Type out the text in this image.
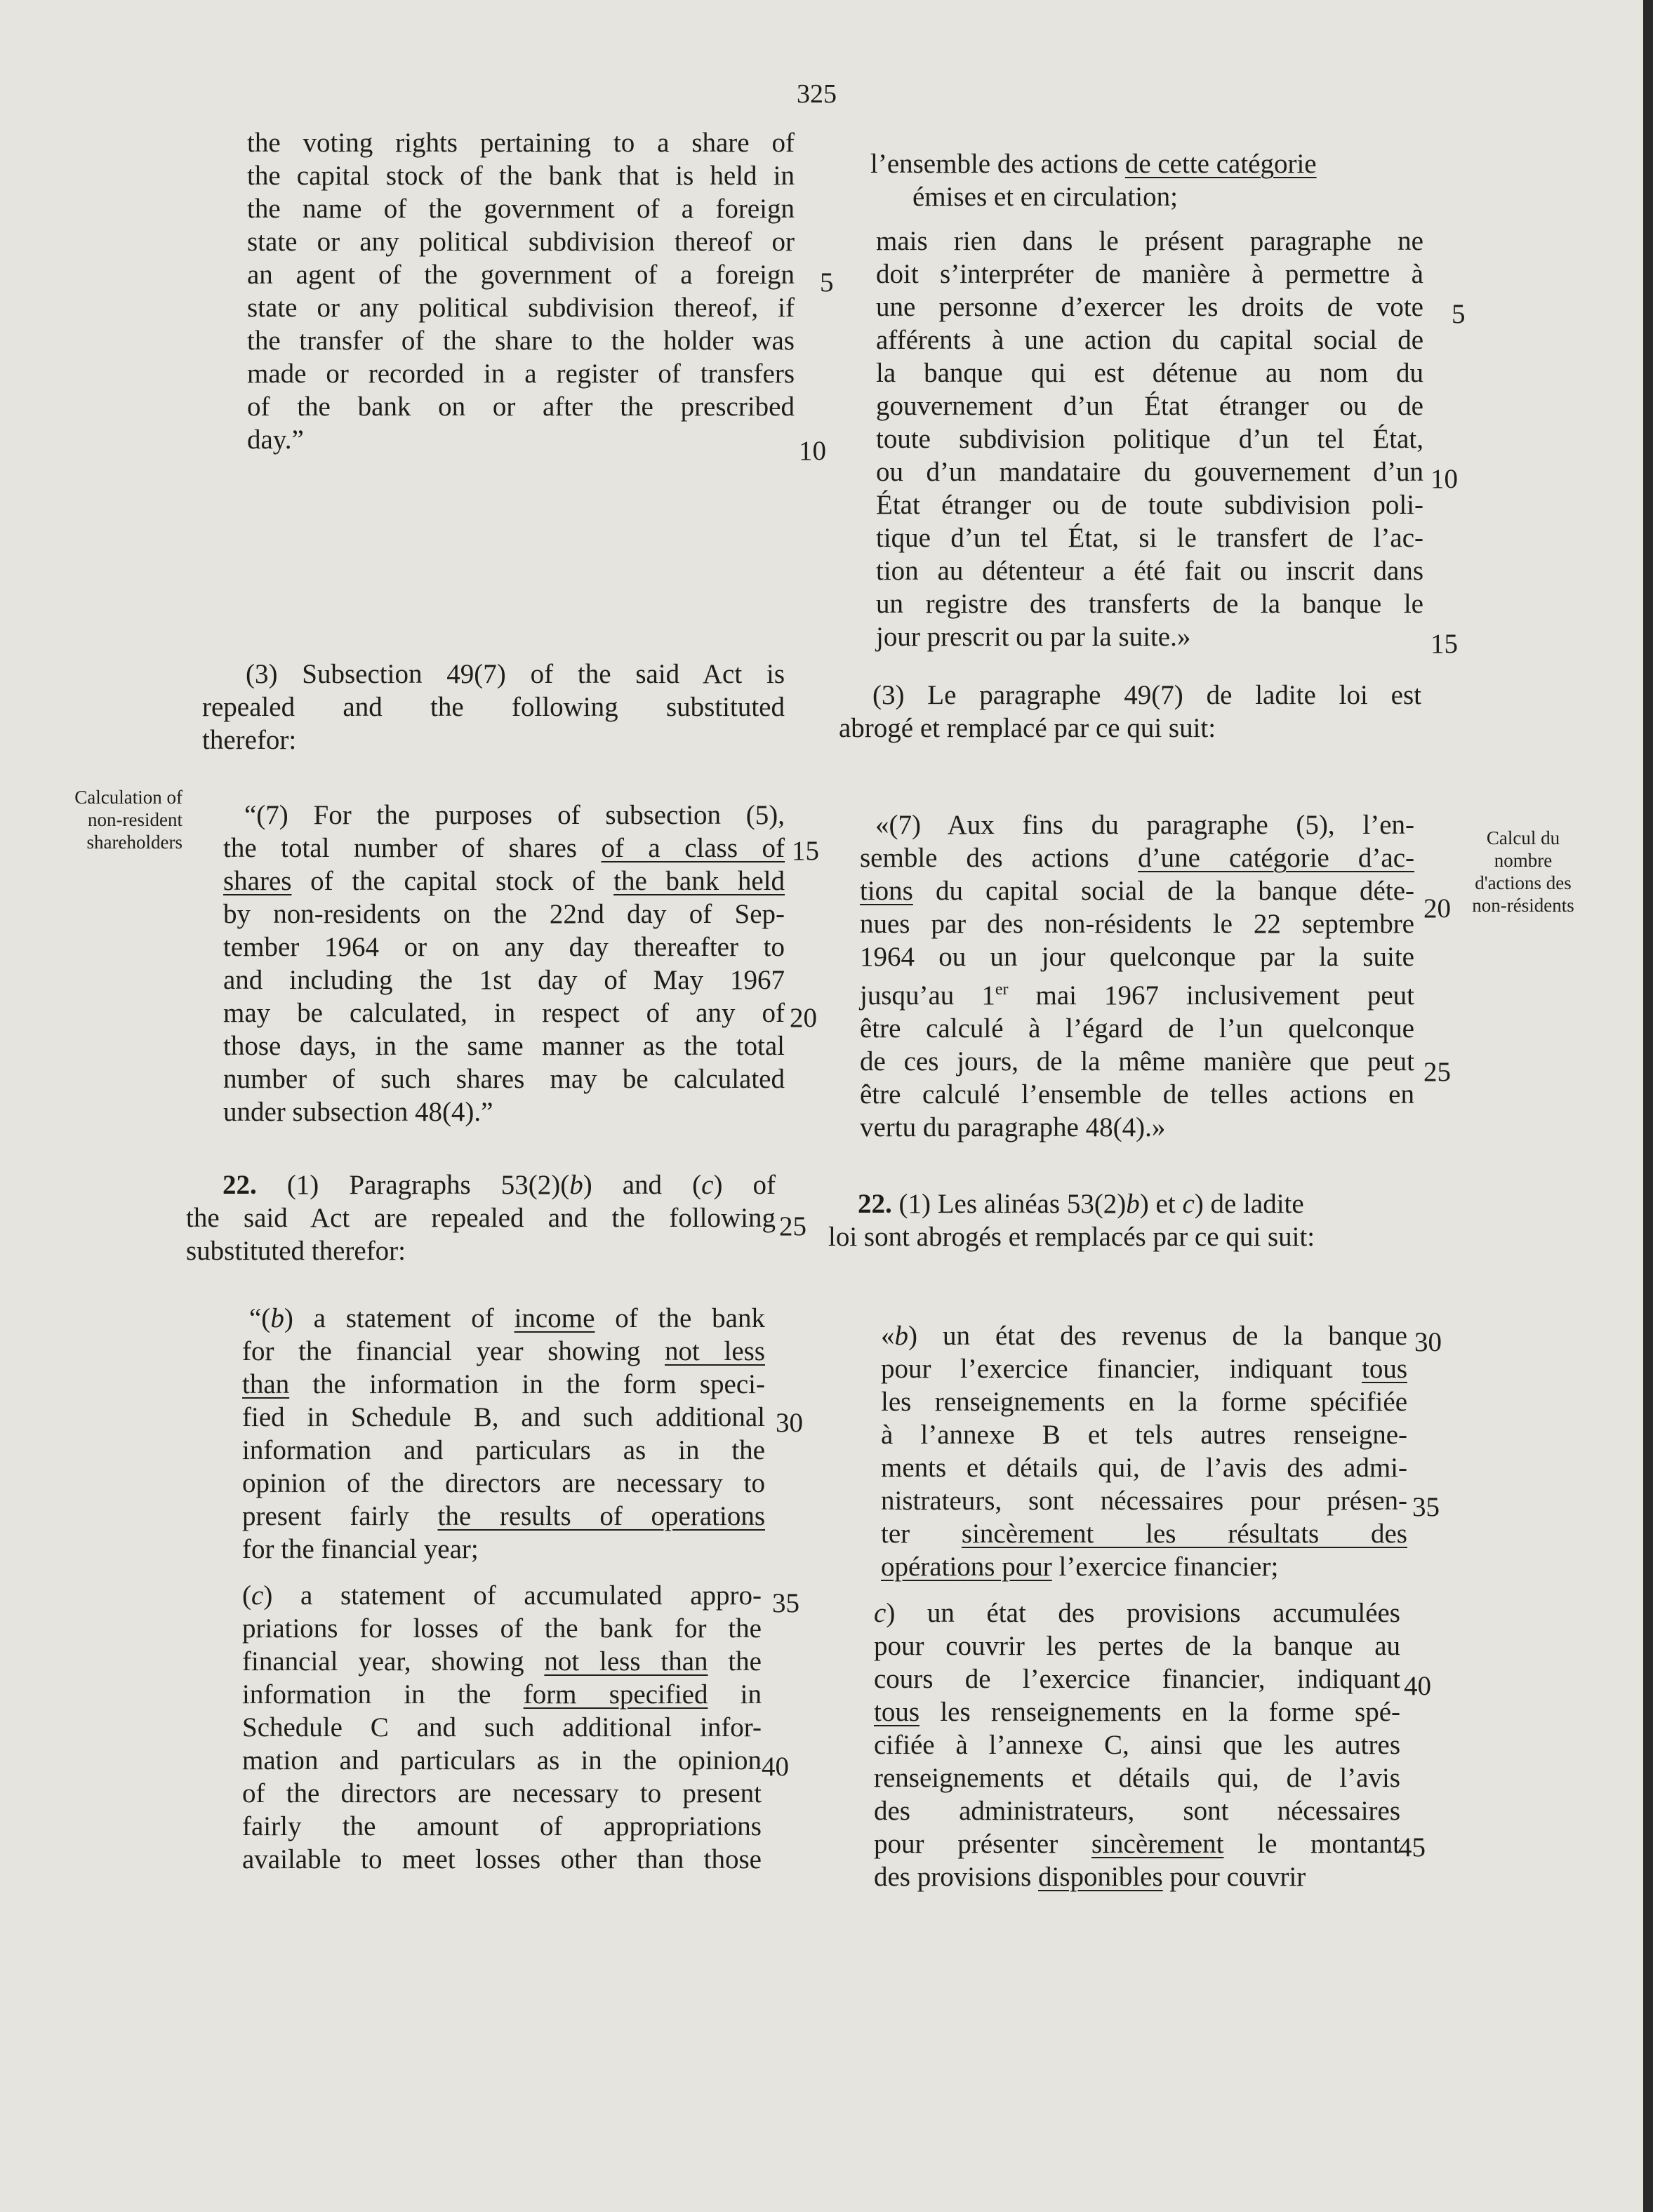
325

the voting rights pertaining to a share of

the capital stock of the bank that is held in

the name of the government of a foreign

state or any political subdivision thereof or

an agent of the government of a foreign

state or any political subdivision thereof, if

the transfer of the share to the holder was

made or recorded in a register of transfers

of the bank on or after the prescribed

day.”

(3) Subsection 49(7) of the said Act is

repealed and the following substituted

therefor:

“(7) For the purposes of subsection (5),

the total number of shares of a class of

shares of the capital stock of the bank held

by non-residents on the 22nd day of Sep-

tember 1964 or on any day thereafter to

and including the 1st day of May 1967

may be calculated, in respect of any of

those days, in the same manner as the total

number of such shares may be calculated

under subsection 48(4).”

22. (1) Paragraphs 53(2)(b) and (c) of

the said Act are repealed and the following

substituted therefor:

“(b) a statement of income of the bank

for the financial year showing not less

than the information in the form speci-

fied in Schedule B, and such additional

information and particulars as in the

opinion of the directors are necessary to

present fairly the results of operations

for the financial year;

(c) a statement of accumulated appro-

priations for losses of the bank for the

financial year, showing not less than the

information in the form specified in

Schedule C and such additional infor-

mation and particulars as in the opinion

of the directors are necessary to present

fairly the amount of appropriations

available to meet losses other than those

5
10
15
20
25
30
35
40
Calculation of
non-resident
shareholders

l’ensemble des actions de cette catégorie

émises et en circulation;

mais rien dans le présent paragraphe ne

doit s’interpréter de manière à permettre à

une personne d’exercer les droits de vote

afférents à une action du capital social de

la banque qui est détenue au nom du

gouvernement d’un État étranger ou de

toute subdivision politique d’un tel État,

ou d’un mandataire du gouvernement d’un

État étranger ou de toute subdivision poli-

tique d’un tel État, si le transfert de l’ac-

tion au détenteur a été fait ou inscrit dans

un registre des transferts de la banque le

jour prescrit ou par la suite.»

(3) Le paragraphe 49(7) de ladite loi est

abrogé et remplacé par ce qui suit:

«(7) Aux fins du paragraphe (5), l’en-

semble des actions d’une catégorie d’ac-

tions du capital social de la banque déte-

nues par des non-résidents le 22 septembre

1964 ou un jour quelconque par la suite

jusqu’au 1er mai 1967 inclusivement peut

être calculé à l’égard de l’un quelconque

de ces jours, de la même manière que peut

être calculé l’ensemble de telles actions en

vertu du paragraphe 48(4).»

22. (1) Les alinéas 53(2)b) et c) de ladite

loi sont abrogés et remplacés par ce qui suit:

«b) un état des revenus de la banque

pour l’exercice financier, indiquant tous

les renseignements en la forme spécifiée

à l’annexe B et tels autres renseigne-

ments et détails qui, de l’avis des admi-

nistrateurs, sont nécessaires pour présen-

ter sincèrement les résultats des

opérations pour l’exercice financier;

c) un état des provisions accumulées

pour couvrir les pertes de la banque au

cours de l’exercice financier, indiquant

tous les renseignements en la forme spé-

cifiée à l’annexe C, ainsi que les autres

renseignements et détails qui, de l’avis

des administrateurs, sont nécessaires

pour présenter sincèrement le montant

des provisions disponibles pour couvrir

5
10
15
20
25
30
35
40
45
Calcul du
nombre
d'actions des
non-résidents
